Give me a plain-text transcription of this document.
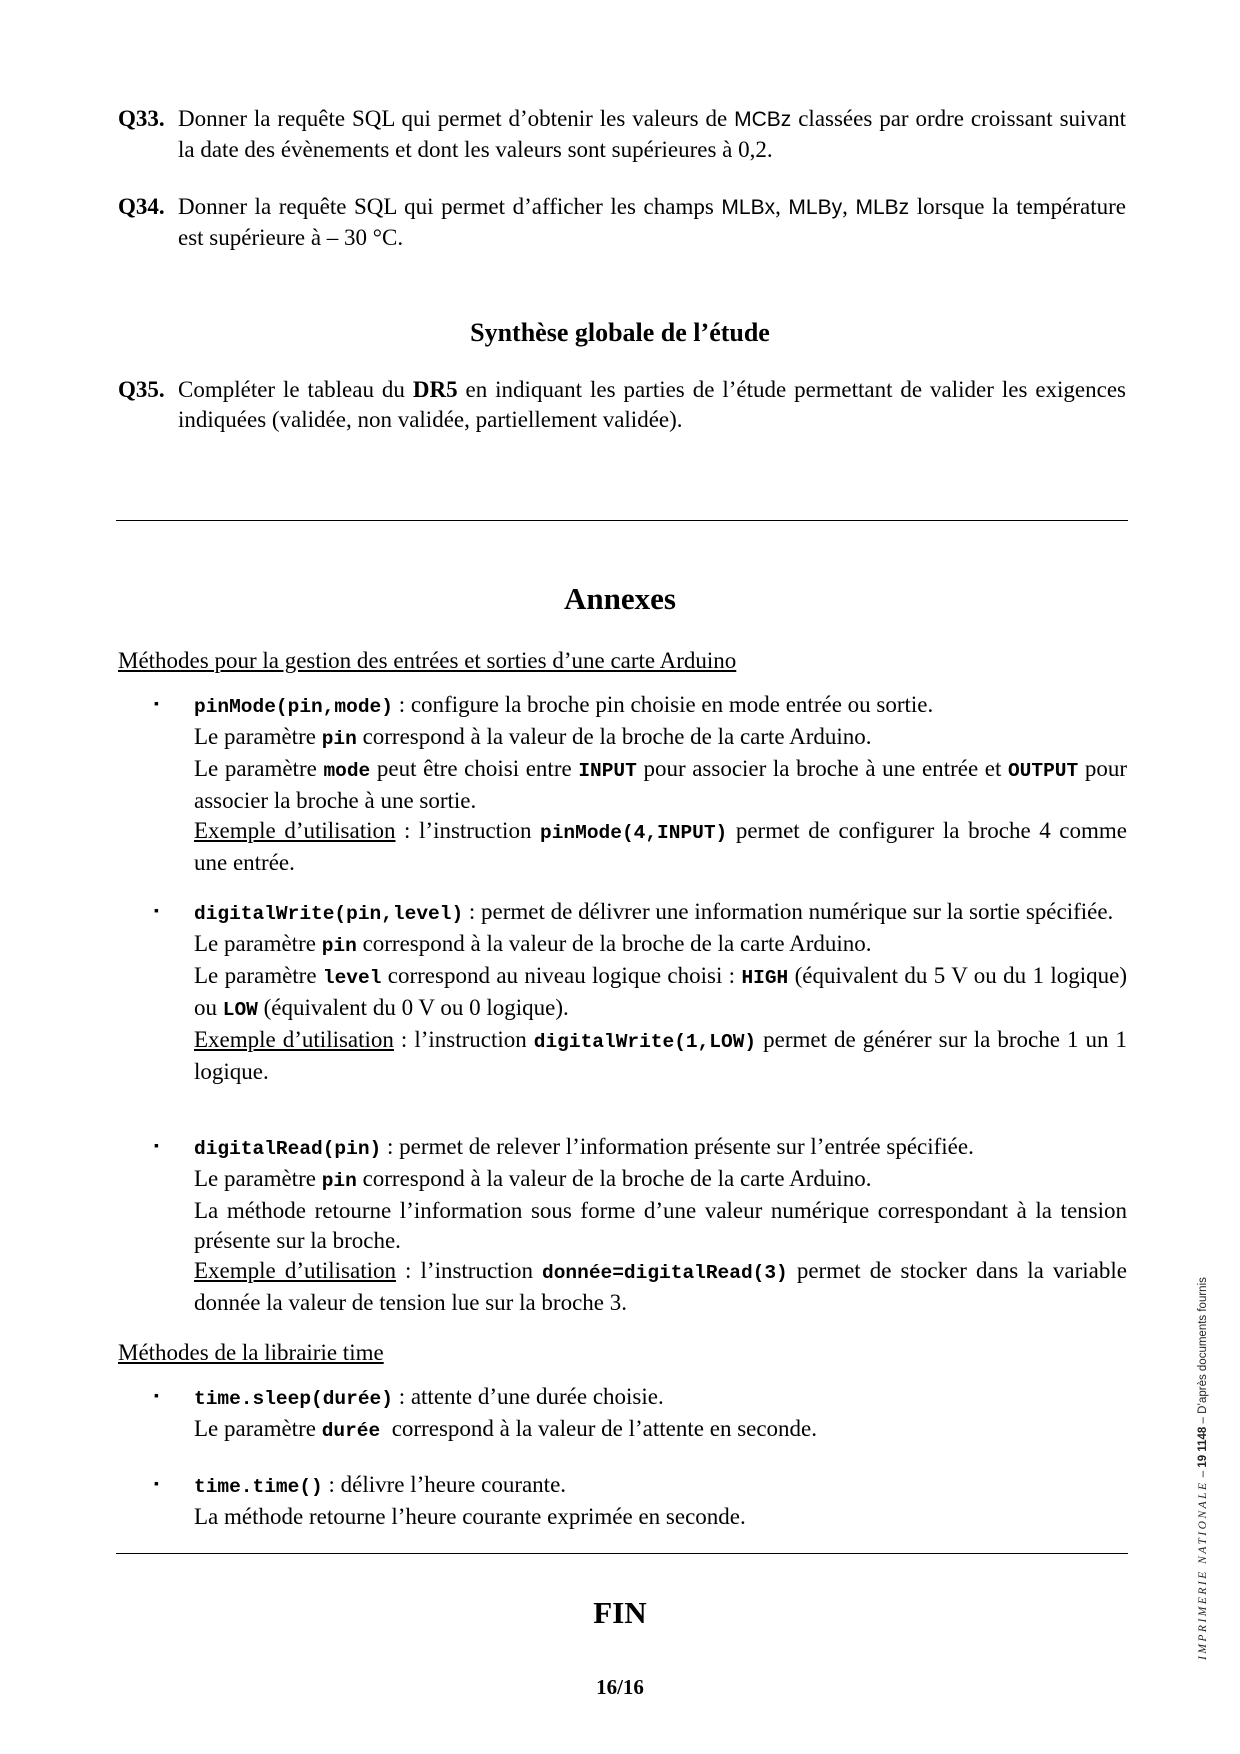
Q33. Donner la requête SQL qui permet d’obtenir les valeurs de MCBz classées par ordre croissant suivant la date des évènements et dont les valeurs sont supérieures à 0,2.
Q34. Donner la requête SQL qui permet d’afficher les champs MLBx, MLBy, MLBz lorsque la température est supérieure à – 30 °C.
Synthèse globale de l’étude
Q35. Compléter le tableau du DR5 en indiquant les parties de l’étude permettant de valider les exigences indiquées (validée, non validée, partiellement validée).
Annexes
Méthodes pour la gestion des entrées et sorties d’une carte Arduino
▪ pinMode(pin,mode) : configure la broche pin choisie en mode entrée ou sortie.
Le paramètre pin correspond à la valeur de la broche de la carte Arduino.
Le paramètre mode peut être choisi entre INPUT pour associer la broche à une entrée et OUTPUT pour associer la broche à une sortie.
Exemple d’utilisation : l’instruction pinMode(4,INPUT) permet de configurer la broche 4 comme une entrée.
▪ digitalWrite(pin,level) : permet de délivrer une information numérique sur la sortie spécifiée.
Le paramètre pin correspond à la valeur de la broche de la carte Arduino.
Le paramètre level correspond au niveau logique choisi : HIGH (équivalent du 5 V ou du 1 logique) ou LOW (équivalent du 0 V ou 0 logique).
Exemple d’utilisation : l’instruction digitalWrite(1,LOW) permet de générer sur la broche 1 un 1 logique.
▪ digitalRead(pin) : permet de relever l’information présente sur l’entrée spécifiée.
Le paramètre pin correspond à la valeur de la broche de la carte Arduino.
La méthode retourne l’information sous forme d’une valeur numérique correspondant à la tension présente sur la broche.
Exemple d’utilisation : l’instruction donnée=digitalRead(3) permet de stocker dans la variable donnée la valeur de tension lue sur la broche 3.
Méthodes de la librairie time
▪ time.sleep(durée) : attente d’une durée choisie.
Le paramètre durée  correspond à la valeur de l’attente en seconde.
▪ time.time() : délivre l’heure courante.
La méthode retourne l’heure courante exprimée en seconde.
FIN
16/16
IMPRIMERIE NATIONALE – 19 1148 – D’après documents fournis
